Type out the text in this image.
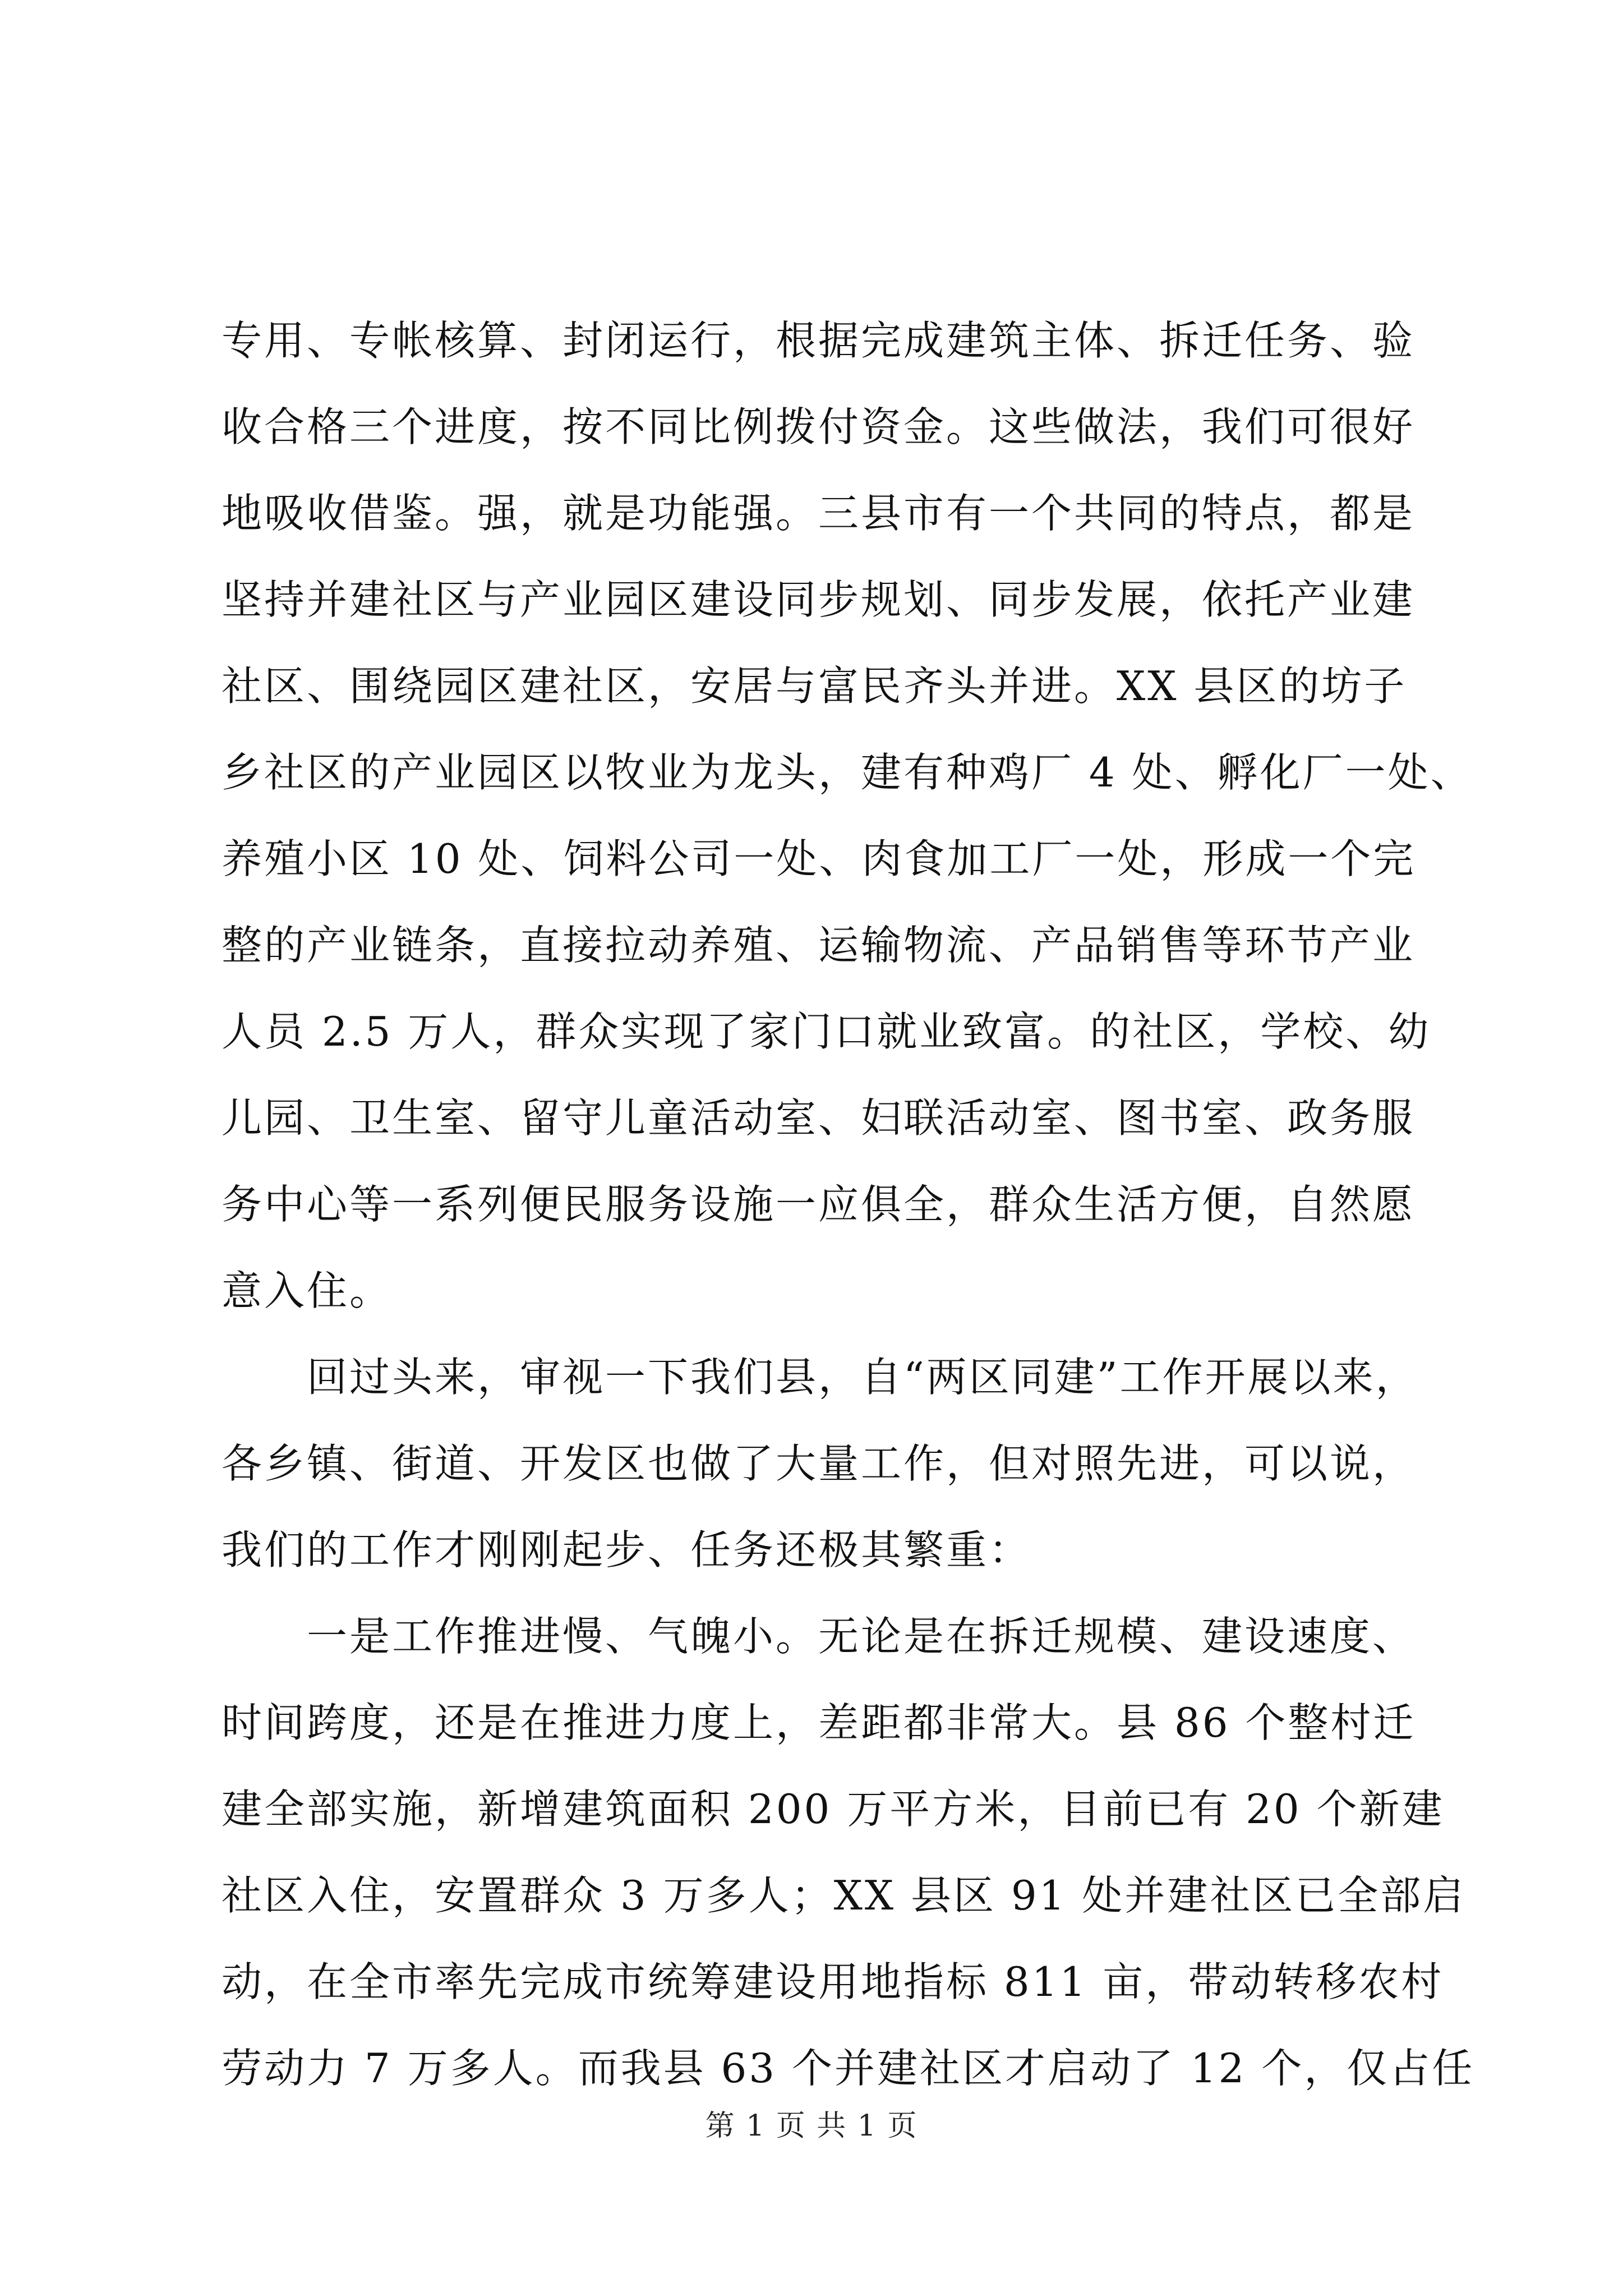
专用、专帐核算、封闭运行，根据完成建筑主体、拆迁任务、验
收合格三个进度，按不同比例拨付资金。这些做法，我们可很好
地吸收借鉴。强，就是功能强。三县市有一个共同的特点，都是
坚持并建社区与产业园区建设同步规划、同步发展，依托产业建
社区、围绕园区建社区，安居与富民齐头并进。XX 县区的坊子
乡社区的产业园区以牧业为龙头，建有种鸡厂 4 处、孵化厂一处、
养殖小区 10 处、饲料公司一处、肉食加工厂一处，形成一个完
整的产业链条，直接拉动养殖、运输物流、产品销售等环节产业
人员 2.5 万人，群众实现了家门口就业致富。的社区，学校、幼
儿园、卫生室、留守儿童活动室、妇联活动室、图书室、政务服
务中心等一系列便民服务设施一应俱全，群众生活方便，自然愿
意入住。
　　回过头来，审视一下我们县，自“两区同建”工作开展以来，
各乡镇、街道、开发区也做了大量工作，但对照先进，可以说，
我们的工作才刚刚起步、任务还极其繁重：
　　一是工作推进慢、气魄小。无论是在拆迁规模、建设速度、
时间跨度，还是在推进力度上，差距都非常大。县 86 个整村迁
建全部实施，新增建筑面积 200 万平方米，目前已有 20 个新建
社区入住，安置群众 3 万多人；XX 县区 91 处并建社区已全部启
动，在全市率先完成市统筹建设用地指标 811 亩，带动转移农村
劳动力 7 万多人。而我县 63 个并建社区才启动了 12 个，仅占任
第 1 页 共 1 页
